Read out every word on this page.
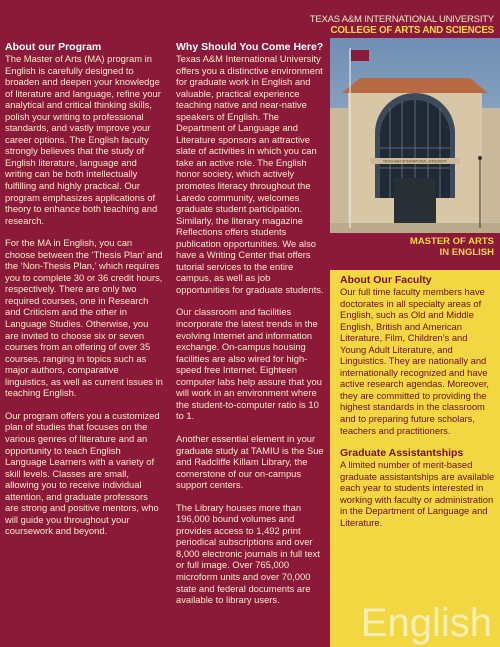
About our Program

The Master of Arts (MA) program in English is carefully designed to broaden and deepen your knowledge of literature and language, refine your analytical and critical thinking skills, polish your writing to professional standards, and vastly improve your career options. The English faculty strongly believes that the study of English literature, language and writing can be both intellectually fulfilling and highly practical. Our program emphasizes applications of theory to enhance both teaching and research.

For the MA in English, you can choose between the ‘Thesis Plan’ and the ‘Non-Thesis Plan,’ which requires you to complete 30 or 36 credit hours, respectively. There are only two required courses, one in Research and Criticism and the other in Language Studies. Otherwise, you are invited to choose six or seven courses from an offering of over 35 courses, ranging in topics such as major authors, comparative linguistics, as well as current issues in teaching English.

Our program offers you a customized plan of studies that focuses on the various genres of literature and an opportunity to teach English Language Learners with a variety of skill levels. Classes are small, allowing you to receive individual attention, and graduate professors are strong and positive mentors, who will guide you throughout your coursework and beyond.

Why Should You Come Here?

Texas A&M International University offers you a distinctive environment for graduate work in English and valuable, practical experience teaching native and near-native speakers of English. The Department of Language and Literature sponsors an attractive slate of activities in which you can take an active role. The English honor society, which actively promotes literacy throughout the Laredo community, welcomes graduate student participation. Similarly, the literary magazine Reflections offers students publication opportunities. We also have a Writing Center that offers tutorial services to the entire campus, as well as job opportunities for graduate students.

Our classroom and facilities incorporate the latest trends in the evolving Internet and information exchange. On-campus housing facilities are also wired for high-speed free Internet. Eighteen computer labs help assure that you will work in an environment where the student-to-computer ratio is 10 to 1.

Another essential element in your graduate study at TAMIU is the Sue and Radcliffe Killam Library, the cornerstone of our on-campus support centers.

The Library houses more than 196,000 bound volumes and provides access to 1,492 print periodical subscriptions and over 8,000 electronic journals in full text or full image. Over 765,000 microform units and over 70,000 state and federal documents are available to library users.

About Our Faculty

Our full time faculty members have doctorates in all specialty areas of English, such as Old and Middle English, British and American Literature, Film, Children’s and Young Adult Literature, and Linguistics. They are nationally and internationally recognized and have active research agendas. Moreover, they are committed to providing the highest standards in the classroom and to preparing future scholars, teachers and practitioners.

Graduate Assistantships

A limited number of merit-based graduate assistantships are available each year to students interested in working with faculty or administration in the Department of Language and Literature.

English
TEXAS A&M INTERNATIONAL UNIVERSITY
COLLEGE OF ARTS AND SCIENCES
TEXAS A&M INTERNATIONAL UNIVERSITY
MASTER OF ARTS
IN ENGLISH
